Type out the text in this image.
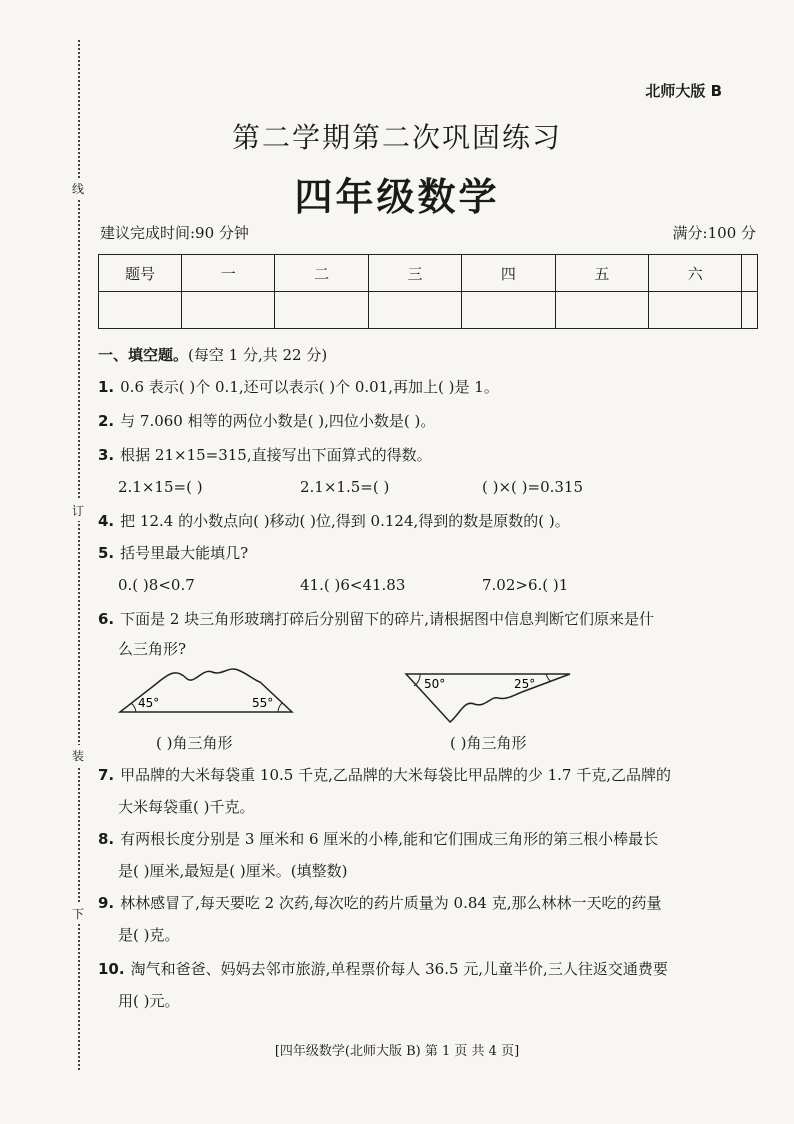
线
订
装
下
北师大版 B
第二学期第二次巩固练习
四年级数学
建议完成时间:90 分钟	满分:100 分
题号	一	二	三	四	五	六	

一、填空题。(每空 1 分,共 22 分)
1. 0.6 表示( )个 0.1,还可以表示( )个 0.01,再加上( )是 1。
2. 与 7.060 相等的两位小数是( ),四位小数是( )。
3. 根据 21×15=315,直接写出下面算式的得数。
2.1×15=( )	2.1×1.5=( )	( )×( )=0.315
4. 把 12.4 的小数点向( )移动( )位,得到 0.124,得到的数是原数的( )。
5. 括号里最大能填几?
0.( )8<0.7	41.( )6<41.83	7.02>6.( )1
6. 下面是 2 块三角形玻璃打碎后分别留下的碎片,请根据图中信息判断它们原来是什
么三角形?
45°	55°
50°	25°
( )角三角形	( )角三角形
7. 甲品牌的大米每袋重 10.5 千克,乙品牌的大米每袋比甲品牌的少 1.7 千克,乙品牌的
大米每袋重( )千克。
8. 有两根长度分别是 3 厘米和 6 厘米的小棒,能和它们围成三角形的第三根小棒最长
是( )厘米,最短是( )厘米。(填整数)
9. 林林感冒了,每天要吃 2 次药,每次吃的药片质量为 0.84 克,那么林林一天吃的药量
是( )克。
10. 淘气和爸爸、妈妈去邻市旅游,单程票价每人 36.5 元,儿童半价,三人往返交通费要
用( )元。
[四年级数学(北师大版 B) 第 1 页 共 4 页]
